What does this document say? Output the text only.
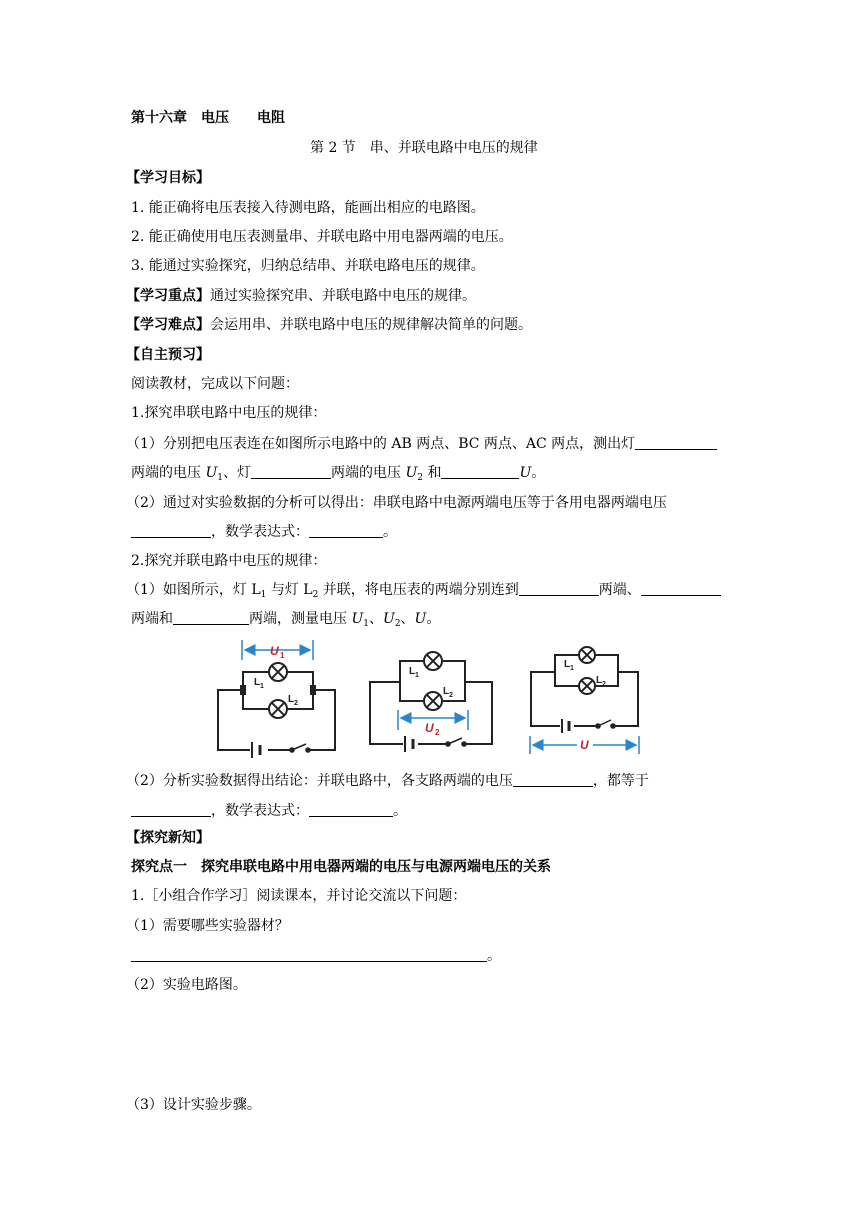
第十六章　电压　　电阻
第 2 节　串、并联电路中电压的规律
【学习目标】
1. 能正确将电压表接入待测电路，能画出相应的电路图。
2. 能正确使用电压表测量串、并联电路中用电器两端的电压。
3. 能通过实验探究，归纳总结串、并联电路电压的规律。
【学习重点】通过实验探究串、并联电路中电压的规律。
【学习难点】会运用串、并联电路中电压的规律解决简单的问题。
【自主预习】
阅读教材，完成以下问题：
1.探究串联电路中电压的规律：
（1）分别把电压表连在如图所示电路中的 AB 两点、BC 两点、AC 两点，测出灯
两端的电压 $U_1$、灯	两端的电压 $U_2$ 和	U。
（2）通过对实验数据的分析可以得出：串联电路中电源两端电压等于各用电器两端电压
，数学表达式：	。
2.探究并联电路中电压的规律：
（1）如图所示，灯 $L_1$ 与灯 $L_2$ 并联，将电压表的两端分别连到	两端、
两端和	两端，测量电压 $U_1$、$U_2$、U。
U 1
L 1
L 2
L 1
L 2
U 2
U
L 1
L 2
（2）分析实验数据得出结论：并联电路中，各支路两端的电压	，都等于
，数学表达式：	。
【探究新知】
探究点一　探究串联电路中用电器两端的电压与电源两端电压的关系
1.［小组合作学习］阅读课本，并讨论交流以下问题：
（1）需要哪些实验器材？
。
（2）实验电路图。
（3）设计实验步骤。
